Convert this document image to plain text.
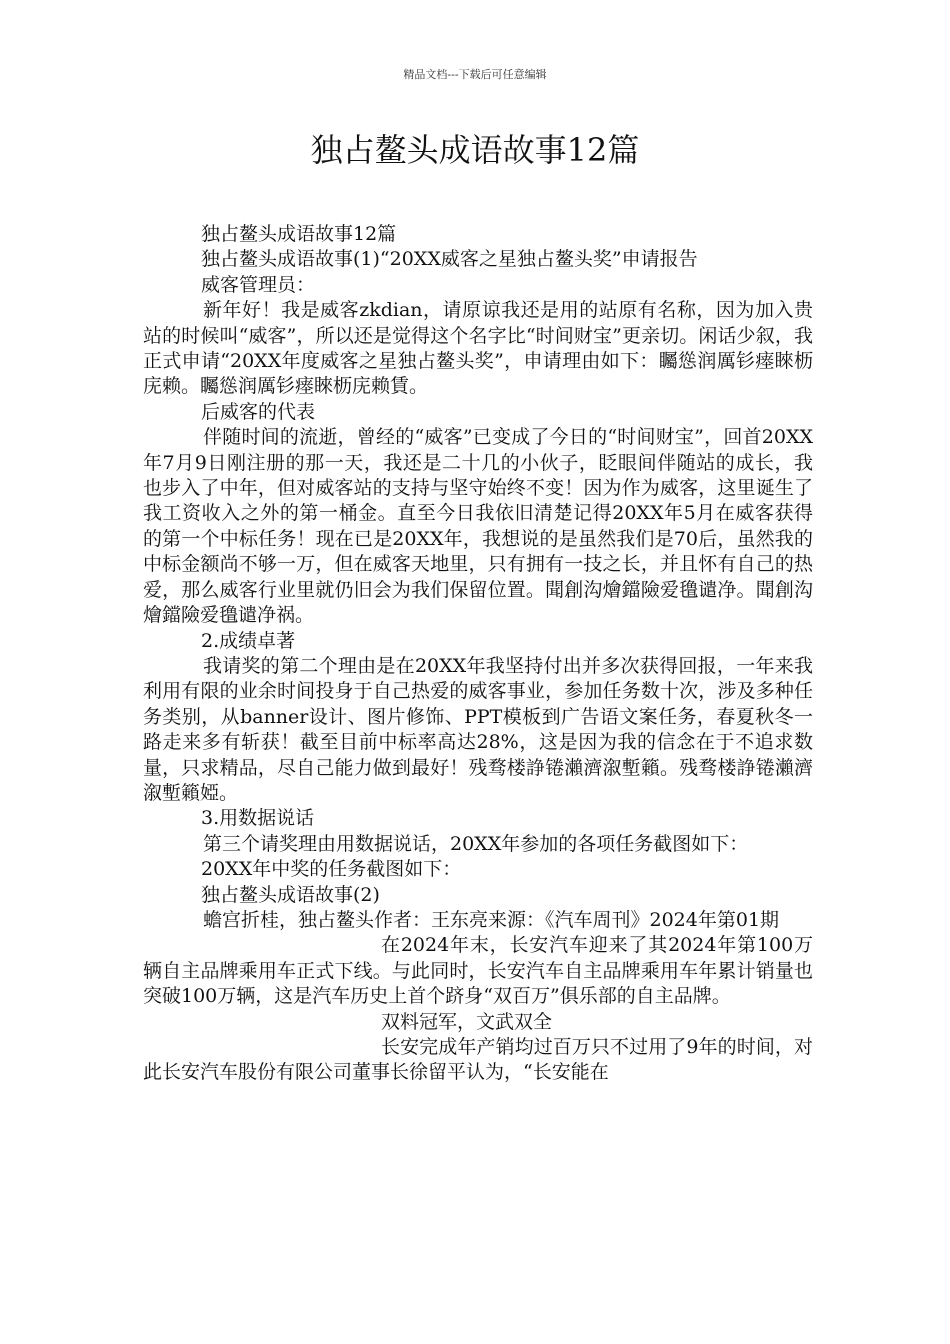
精品文档---下载后可任意编辑
独占鳌头成语故事12篇

独占鳌头成语故事12篇

独占鳌头成语故事(1)“20XX威客之星独占鳌头奖”申请报告

威客管理员：

新年好！我是威客zkdian，请原谅我还是用的站原有名称，因为加入贵站的时候叫“威客”，所以还是觉得这个名字比“时间财宝”更亲切。闲话少叙，我正式申请“20XX年度威客之星独占鳌头奖”，申请理由如下：矚慫润厲钐瘗睞枥庑赖。矚慫润厲钐瘗睞枥庑赖賃。

后威客的代表

伴随时间的流逝，曾经的“威客”已变成了今日的“时间财宝”，回首20XX年7月9日刚注册的那一天，我还是二十几的小伙子，眨眼间伴随站的成长，我也步入了中年，但对威客站的支持与坚守始终不变！因为作为威客，这里诞生了我工资收入之外的第一桶金。直至今日我依旧清楚记得20XX年5月在威客获得的第一个中标任务！现在已是20XX年，我想说的是虽然我们是70后，虽然我的中标金额尚不够一万，但在威客天地里，只有拥有一技之长，并且怀有自己的热爱，那么威客行业里就仍旧会为我们保留位置。聞創沟燴鐺險爱氇谴净。聞創沟燴鐺險爱氇谴净祸。

2.成绩卓著

我请奖的第二个理由是在20XX年我坚持付出并多次获得回报，一年来我利用有限的业余时间投身于自己热爱的威客事业，参加任务数十次，涉及多种任务类别，从banner设计、图片修饰、PPT模板到广告语文案任务，春夏秋冬一路走来多有斩获！截至目前中标率高达28%，这是因为我的信念在于不追求数量，只求精品，尽自己能力做到最好！残骛楼諍锩瀨濟溆塹籟。残骛楼諍锩瀨濟溆塹籟婭。

3.用数据说话

第三个请奖理由用数据说话，20XX年参加的各项任务截图如下：

20XX年中奖的任务截图如下：

独占鳌头成语故事(2)

蟾宫折桂，独占鳌头作者：王东亮来源：《汽车周刊》2024年第01期

在2024年末，长安汽车迎来了其2024年第100万辆自主品牌乘用车正式下线。与此同时，长安汽车自主品牌乘用车年累计销量也突破100万辆，这是汽车历史上首个跻身“双百万”俱乐部的自主品牌。

双料冠军，文武双全

长安完成年产销均过百万只不过用了9年的时间，对此长安汽车股份有限公司董事长徐留平认为，“长安能在
